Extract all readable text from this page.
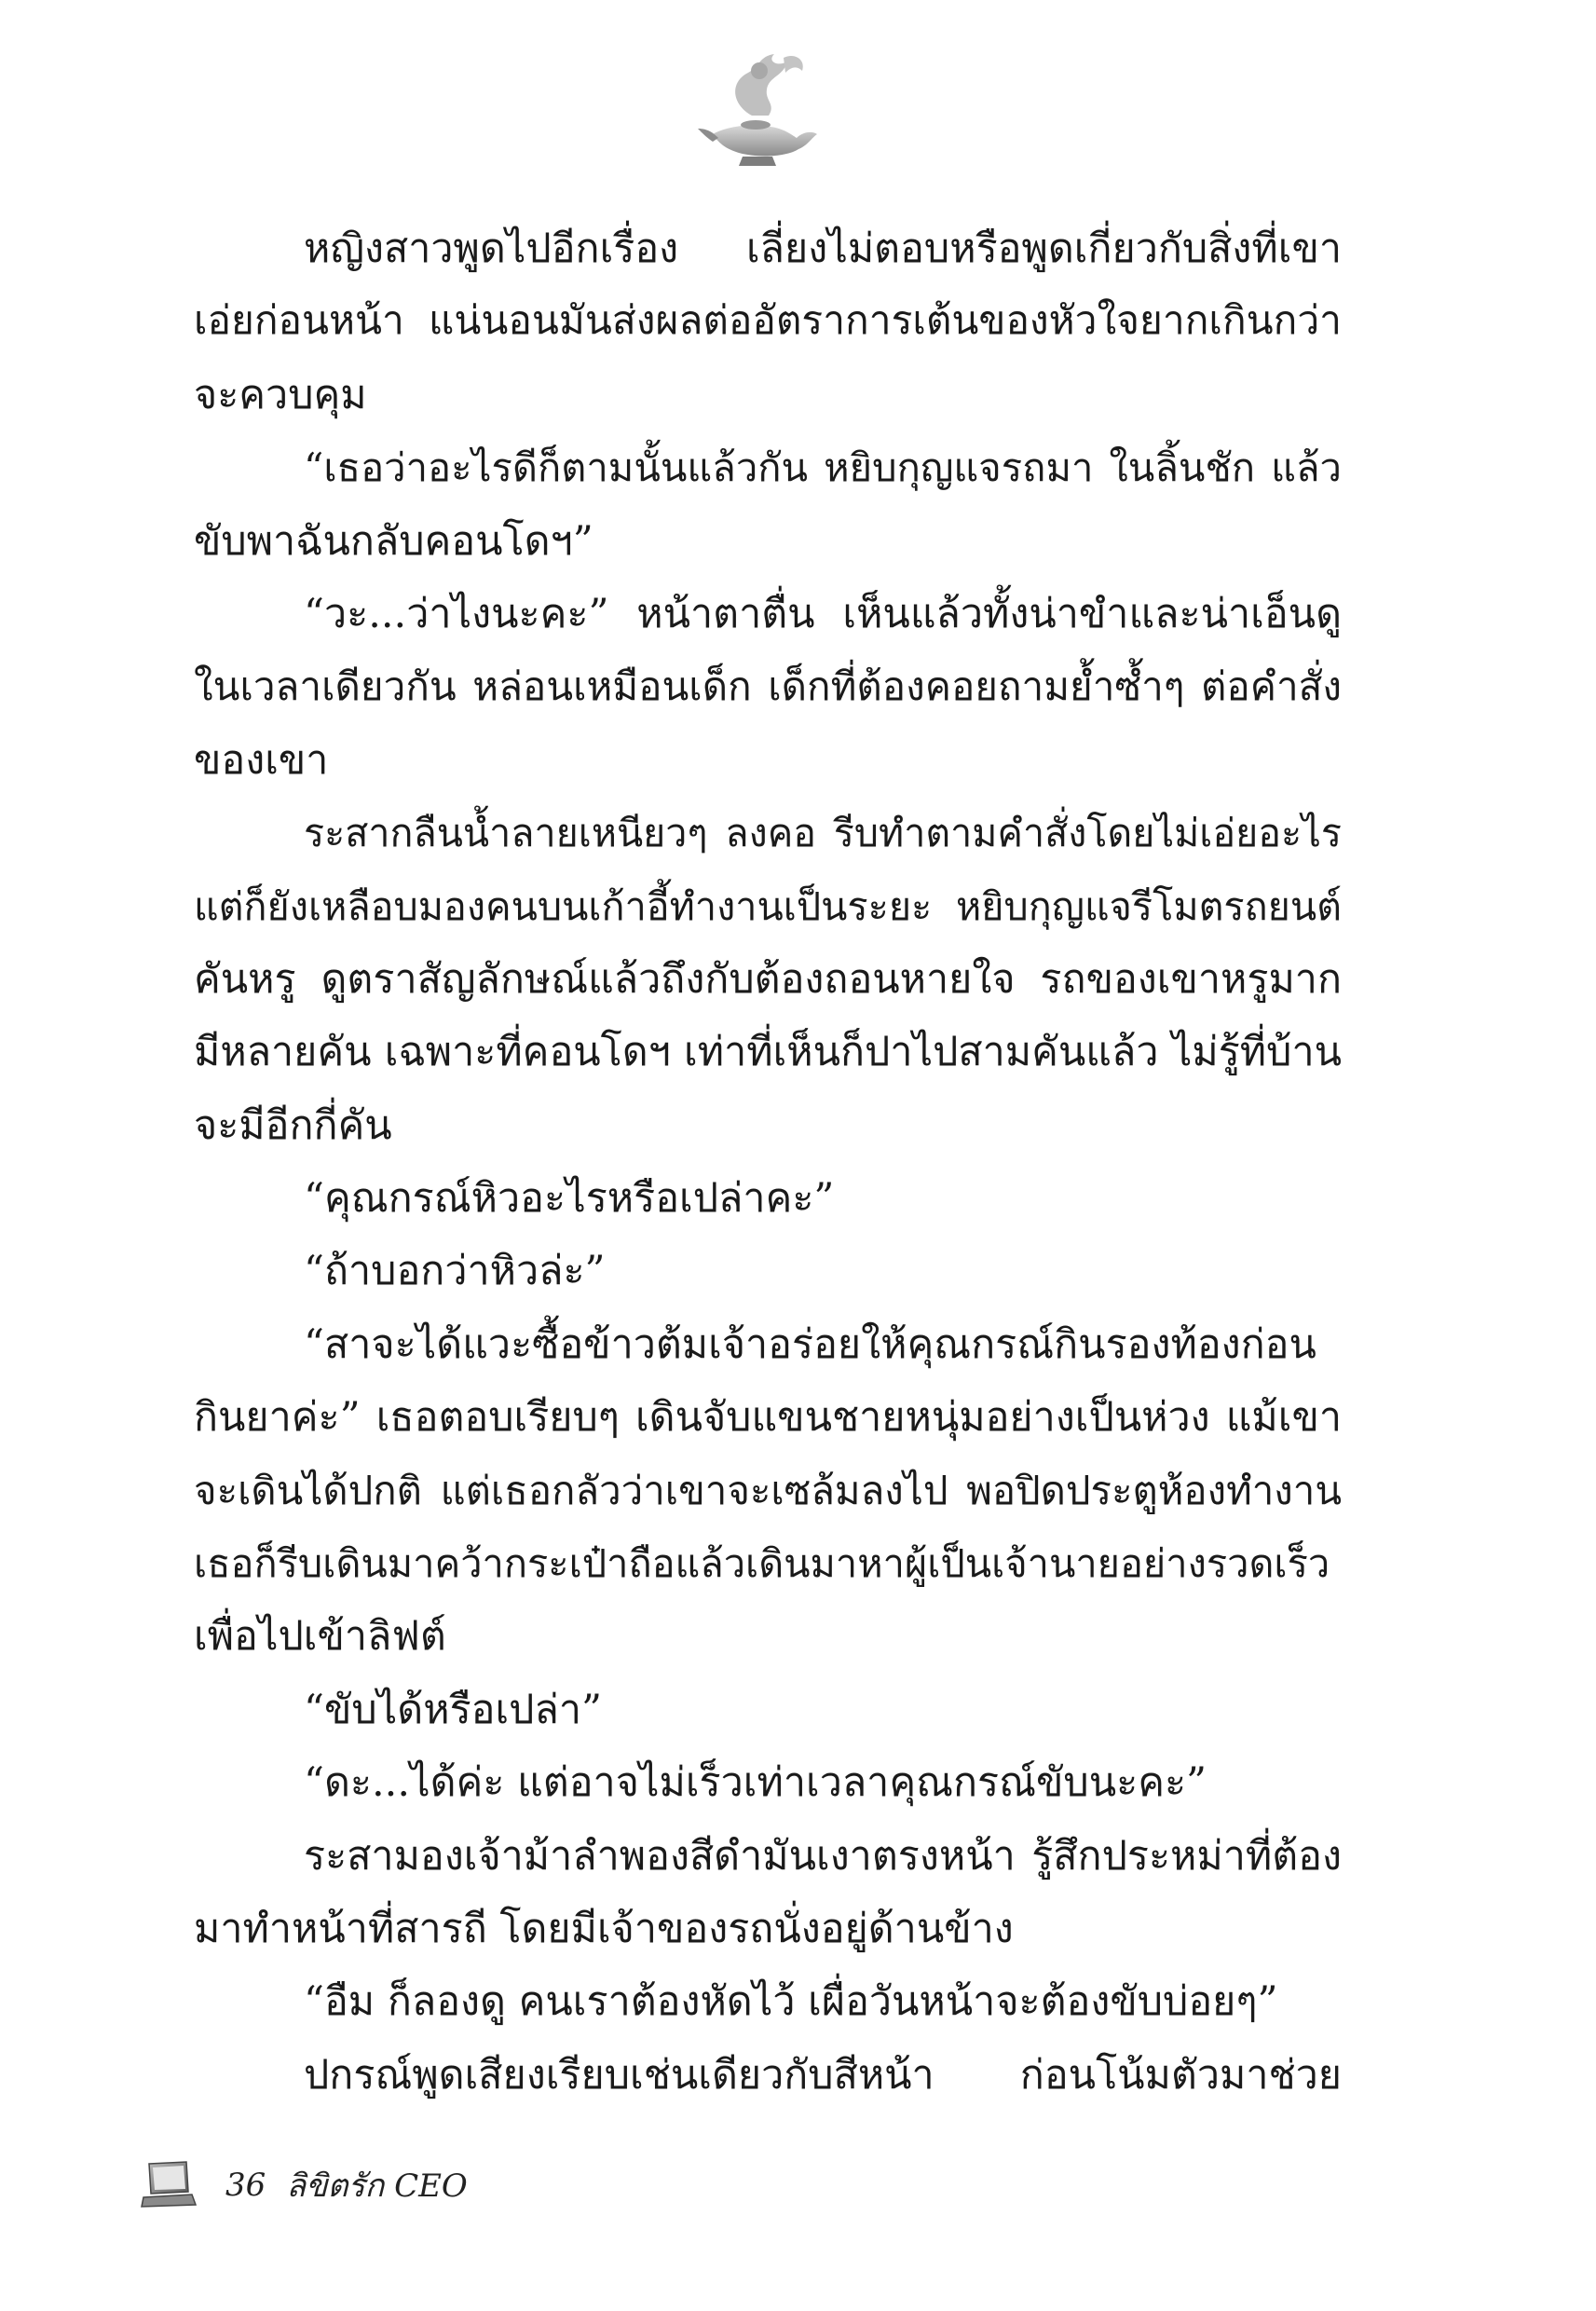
หญิงสาวพูดไปอีกเรื่อง เลี่ยงไม่ตอบหรือพูดเกี่ยวกับสิ่งที่เขา
เอ่ยก่อนหน้า แน่นอนมันส่งผลต่ออัตราการเต้นของหัวใจยากเกินกว่า
จะควบคุม
“เธอว่าอะไรดีก็ตามนั้นแล้วกัน หยิบกุญแจรถมา ในลิ้นชัก แล้ว
ขับพาฉันกลับคอนโดฯ”
“วะ...ว่าไงนะคะ” หน้าตาตื่น เห็นแล้วทั้งน่าขำและน่าเอ็นดู
ในเวลาเดียวกัน หล่อนเหมือนเด็ก เด็กที่ต้องคอยถามย้ำซ้ำๆ ต่อคำสั่ง
ของเขา
ระสากลืนน้ำลายเหนียวๆ ลงคอ รีบทำตามคำสั่งโดยไม่เอ่ยอะไร
แต่ก็ยังเหลือบมองคนบนเก้าอี้ทำงานเป็นระยะ หยิบกุญแจรีโมตรถยนต์
คันหรู ดูตราสัญลักษณ์แล้วถึงกับต้องถอนหายใจ รถของเขาหรูมาก
มีหลายคัน เฉพาะที่คอนโดฯ เท่าที่เห็นก็ปาไปสามคันแล้ว ไม่รู้ที่บ้าน
จะมีอีกกี่คัน
“คุณกรณ์หิวอะไรหรือเปล่าคะ”
“ถ้าบอกว่าหิวล่ะ”
“สาจะได้แวะซื้อข้าวต้มเจ้าอร่อยให้คุณกรณ์กินรองท้องก่อน
กินยาค่ะ” เธอตอบเรียบๆ เดินจับแขนชายหนุ่มอย่างเป็นห่วง แม้เขา
จะเดินได้ปกติ แต่เธอกลัวว่าเขาจะเซล้มลงไป พอปิดประตูห้องทำงาน
เธอก็รีบเดินมาคว้ากระเป๋าถือแล้วเดินมาหาผู้เป็นเจ้านายอย่างรวดเร็ว
เพื่อไปเข้าลิฟต์
“ขับได้หรือเปล่า”
“ดะ...ได้ค่ะ แต่อาจไม่เร็วเท่าเวลาคุณกรณ์ขับนะคะ”
ระสามองเจ้าม้าลำพองสีดำมันเงาตรงหน้า รู้สึกประหม่าที่ต้อง
มาทำหน้าที่สารถี โดยมีเจ้าของรถนั่งอยู่ด้านข้าง
“อืม ก็ลองดู คนเราต้องหัดไว้ เผื่อวันหน้าจะต้องขับบ่อยๆ”
ปกรณ์พูดเสียงเรียบเช่นเดียวกับสีหน้า ก่อนโน้มตัวมาช่วย
36 ลิขิตรัก CEO
